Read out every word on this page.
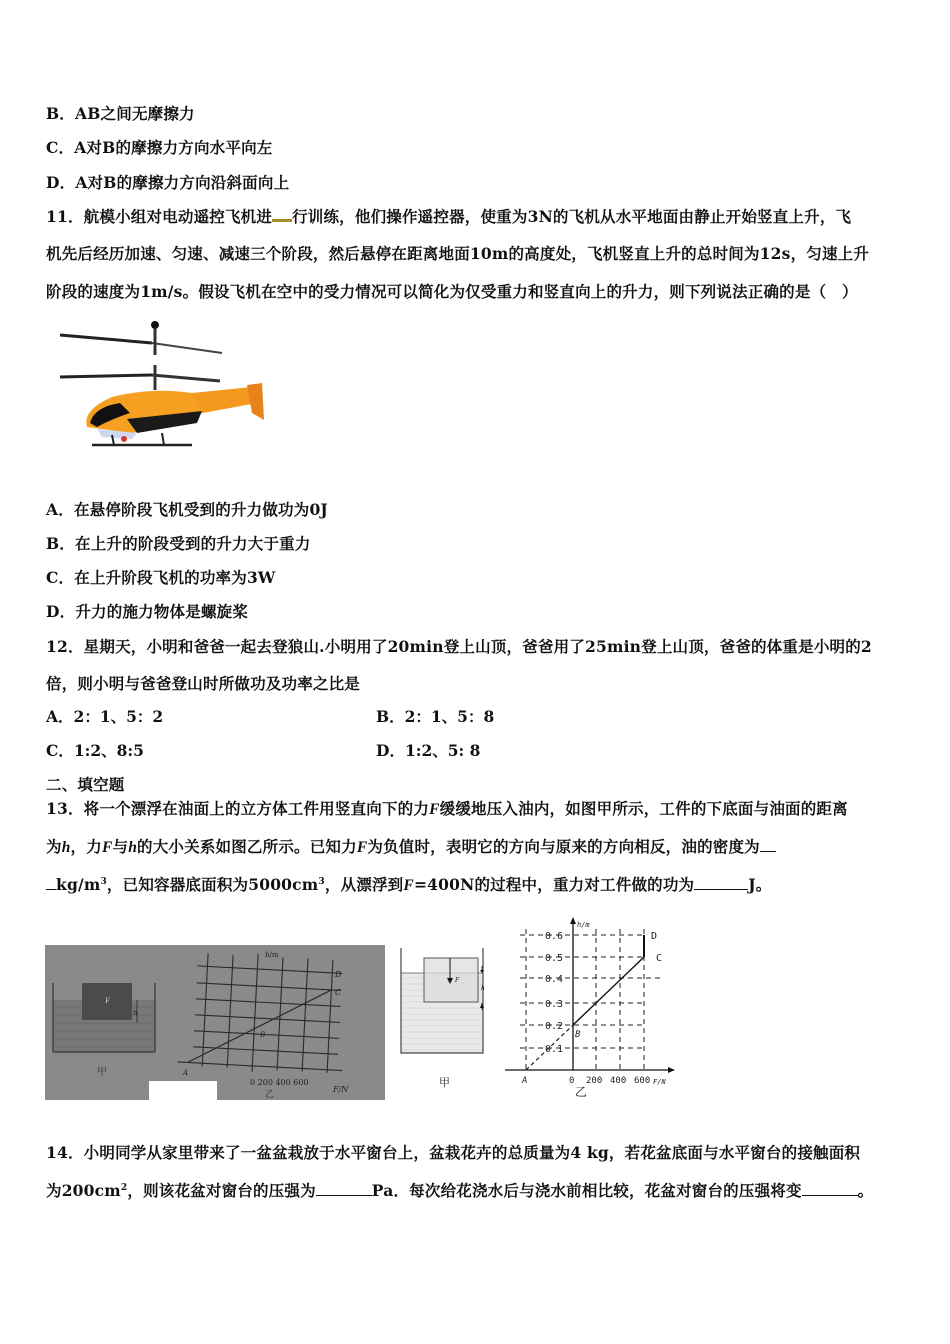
B．AB之间无摩擦力
C．A对B的摩擦力方向水平向左
D．A对B的摩擦力方向沿斜面向上
11．航模小组对电动遥控飞机进 行训练，他们操作遥控器，使重为3N的飞机从水平地面由静止开始竖直上升，飞
机先后经历加速、匀速、减速三个阶段，然后悬停在距离地面10m的高度处，飞机竖直上升的总时间为12s，匀速上升
阶段的速度为1m/s。假设飞机在空中的受力情况可以简化为仅受重力和竖直向上的升力，则下列说法正确的是（　）
A．在悬停阶段飞机受到的升力做功为0J
B．在上升的阶段受到的升力大于重力
C．在上升阶段飞机的功率为3W
D．升力的施力物体是螺旋桨
12．星期天，小明和爸爸一起去登狼山.小明用了20min登上山顶，爸爸用了25min登上山顶，爸爸的体重是小明的2
倍，则小明与爸爸登山时所做功及功率之比是
A．2：1、5：2	B．2：1、5：8
C．1:2、8:5	D．1:2、5: 8
二、填空题
13．将一个漂浮在油面上的立方体工件用竖直向下的力F缓缓地压入油内，如图甲所示，工件的下底面与油面的距离
为h，力F与h的大小关系如图乙所示。已知力F为负值时，表明它的方向与原来的方向相反，油的密度为
$kg/m^3$，已知容器底面积为$5000cm^3$，从漂浮到F=400N的过程中，重力对工件做的功为	J。
F
h
甲
D
C
B
A
h/m
0 200 400 600
F/N
乙
F
h
甲
0.6
0.5
0.4
0.3
0.2
0.1
0 200 400 600 F/N
h/m
D
C
B
A
乙
14．小明同学从家里带来了一盆盆栽放于水平窗台上，盆栽花卉的总质量为4 kg，若花盆底面与水平窗台的接触面积
为$200cm^2$，则该花盆对窗台的压强为	Pa．每次给花浇水后与浇水前相比较，花盆对窗台的压强将变	。
